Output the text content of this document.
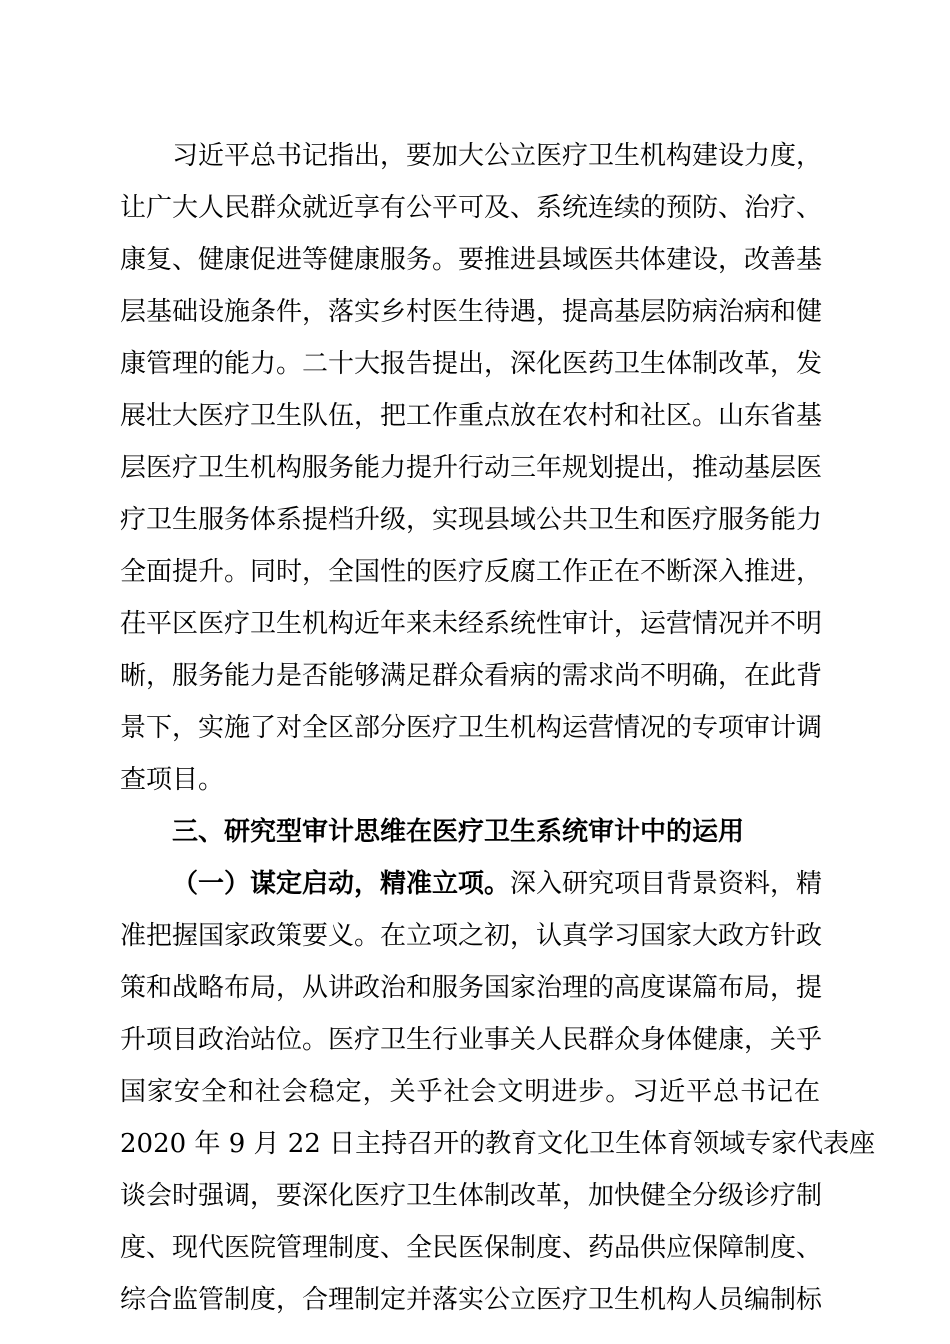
习近平总书记指出，要加大公立医疗卫生机构建设力度，
让广大人民群众就近享有公平可及、系统连续的预防、治疗、
康复、健康促进等健康服务。要推进县域医共体建设，改善基
层基础设施条件，落实乡村医生待遇，提高基层防病治病和健
康管理的能力。二十大报告提出，深化医药卫生体制改革，发
展壮大医疗卫生队伍，把工作重点放在农村和社区。山东省基
层医疗卫生机构服务能力提升行动三年规划提出，推动基层医
疗卫生服务体系提档升级，实现县域公共卫生和医疗服务能力
全面提升。同时，全国性的医疗反腐工作正在不断深入推进，
茌平区医疗卫生机构近年来未经系统性审计，运营情况并不明
晰，服务能力是否能够满足群众看病的需求尚不明确，在此背
景下，实施了对全区部分医疗卫生机构运营情况的专项审计调
查项目。
三、研究型审计思维在医疗卫生系统审计中的运用
（一）谋定启动，精准立项。深入研究项目背景资料，精
准把握国家政策要义。在立项之初，认真学习国家大政方针政
策和战略布局，从讲政治和服务国家治理的高度谋篇布局，提
升项目政治站位。医疗卫生行业事关人民群众身体健康，关乎
国家安全和社会稳定，关乎社会文明进步。习近平总书记在
2020 年 9 月 22 日主持召开的教育文化卫生体育领域专家代表座
谈会时强调，要深化医疗卫生体制改革，加快健全分级诊疗制
度、现代医院管理制度、全民医保制度、药品供应保障制度、
综合监管制度，合理制定并落实公立医疗卫生机构人员编制标
